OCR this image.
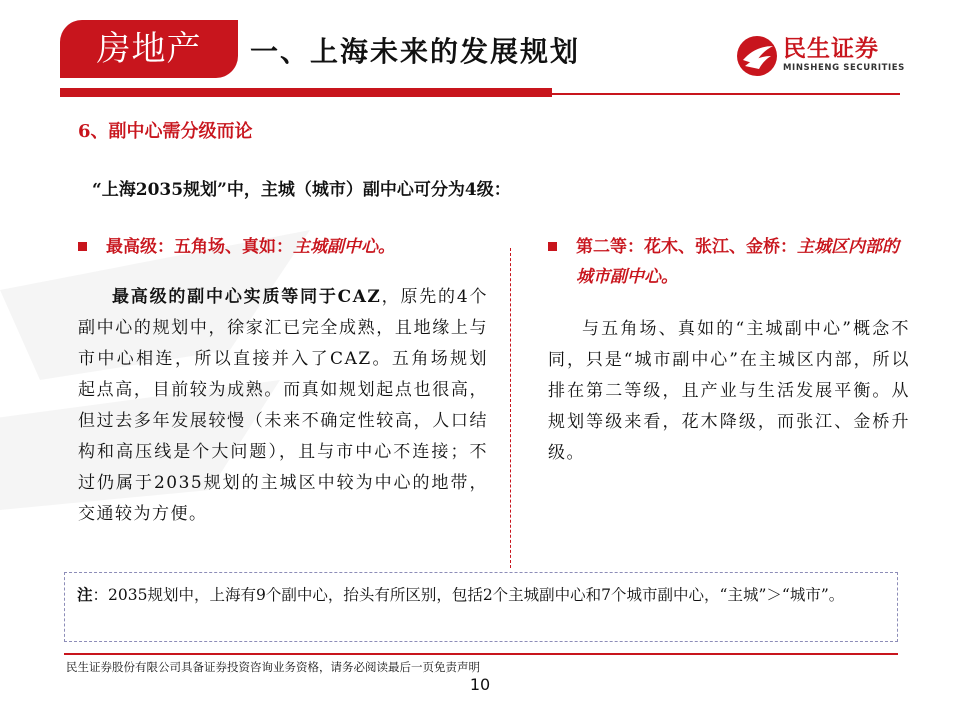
房地产	一、上海未来的发展规划	民生证券
MINSHENG SECURITIES
6、副中心需分级而论
“上海2035规划”中，主城（城市）副中心可分为4级：
最高级：五角场、真如：主城副中心。
最高级的副中心实质等同于CAZ，原先的4个副中心的规划中，徐家汇已完全成熟，且地缘上与市中心相连，所以直接并入了CAZ。五角场规划起点高，目前较为成熟。而真如规划起点也很高，但过去多年发展较慢（未来不确定性较高，人口结构和高压线是个大问题），且与市中心不连接；不过仍属于2035规划的主城区中较为中心的地带，交通较为方便。
第二等：花木、张江、金桥：主城区内部的城市副中心。
与五角场、真如的“主城副中心”概念不同，只是“城市副中心”在主城区内部，所以排在第二等级，且产业与生活发展平衡。从规划等级来看，花木降级，而张江、金桥升级。
注：2035规划中，上海有9个副中心，抬头有所区别，包括2个主城副中心和7个城市副中心，“主城”＞“城市”。
民生证券股份有限公司具备证券投资咨询业务资格，请务必阅读最后一页免责声明
10
